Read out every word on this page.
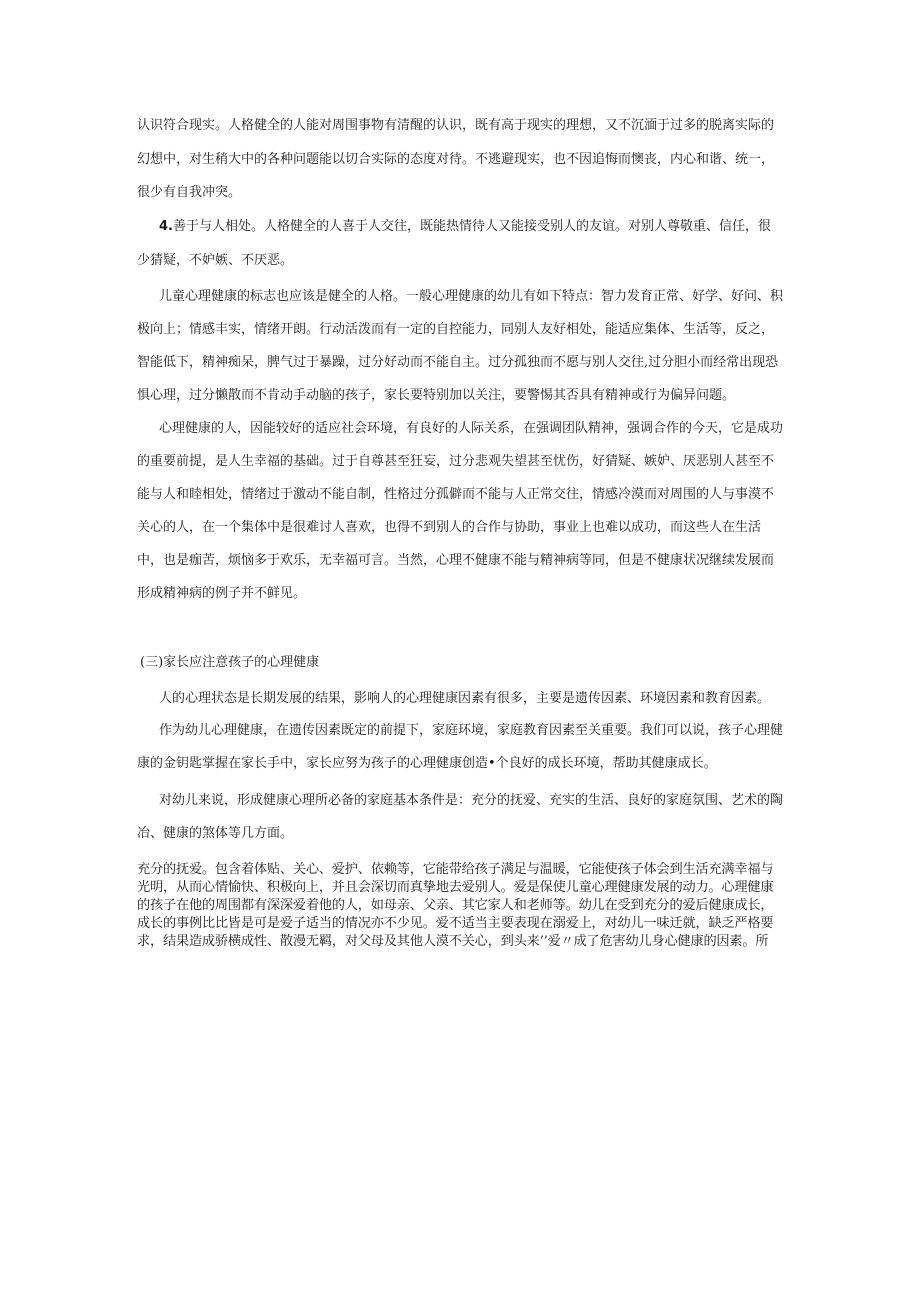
认识符合现实。人格健全的人能对周围事物有清醒的认识，既有高于现实的理想，又不沉湎于过多的脱离实际的幻想中，对生稍大中的各种问题能以切合实际的态度对待。不逃避现实，也不因追悔而懊丧，内心和谐、统一，很少有自我冲突。

4.善于与人相处。人格健全的人喜于人交往，既能热情待人又能接受别人的友谊。对别人尊敬重、信任，很少猜疑，不妒嫉、不厌恶。

儿童心理健康的标志也应该是健全的人格。一般心理健康的幼儿有如下特点：智力发育正常、好学、好问、积极向上；情感丰实，情绪开朗。行动活泼而有一定的自控能力，同别人友好相处，能适应集体、生活等，反之，智能低下，精神痴呆，脾气过于暴躁，过分好动而不能自主。过分孤独而不愿与别人交往,过分胆小而经常出现恐惧心理，过分懒散而不肯动手动脑的孩子，家长要特别加以关注，要警惕其否具有精神或行为偏异问题。

心理健康的人，因能较好的适应社会环境，有良好的人际关系，在强调团队精神，强调合作的今天，它是成功的重要前提，是人生幸福的基础。过于自尊甚至狂妄，过分悲观失望甚至忧伤，好猜疑、嫉妒、厌恶别人甚至不能与人和睦相处，情绪过于激动不能自制，性格过分孤僻而不能与人正常交往，情感冷漠而对周围的人与事漠不关心的人，在一个集体中是很难讨人喜欢，也得不到别人的合作与协助，事业上也难以成功，而这些人在生活中，也是痂苦，烦恼多于欢乐，无幸福可言。当然，心理不健康不能与精神病等同，但是不健康状况继续发展而形成精神病的例子并不鲜见。

(三)家长应注意孩子的心理健康

人的心理状态是长期发展的结果，影响人的心理健康因素有很多，主要是遗传因素、环境因素和教育因素。

作为幼儿心理健康，在遗传因素既定的前提下，家庭环境，家庭教育因素至关重要。我们可以说，孩子心理健康的金钥匙掌握在家长手中，家长应努为孩子的心理健康创造•个良好的成长环境，帮助其健康成长。

对幼儿来说，形成健康心理所必备的家庭基本条件是：充分的抚爱、充实的生活、良好的家庭氛围、艺术的陶冶、健康的煞体等几方面。

充分的抚爱。包含着体贴、关心、爱护、依赖等，它能带给孩子满足与温暖，它能使孩子体会到生活充满幸福与光明，从而心情愉快、积极向上，并且会深切而真挚地去爱别人。爱是保使儿童心理健康发展的动力。心理健康的孩子在他的周围都有深深爱着他的人，如母亲、父亲、其它家人和老师等。幼儿在受到充分的爱后健康成长，成长的事例比比皆是可是爱子适当的情况亦不少见。爱不适当主要表现在溺爱上，对幼儿一味迁就，缺乏严格要求，结果造成骄横成性、散漫无羁，对父母及其他人漠不关心，到头来’’爱〃成了危害幼儿身心健康的因素。所
